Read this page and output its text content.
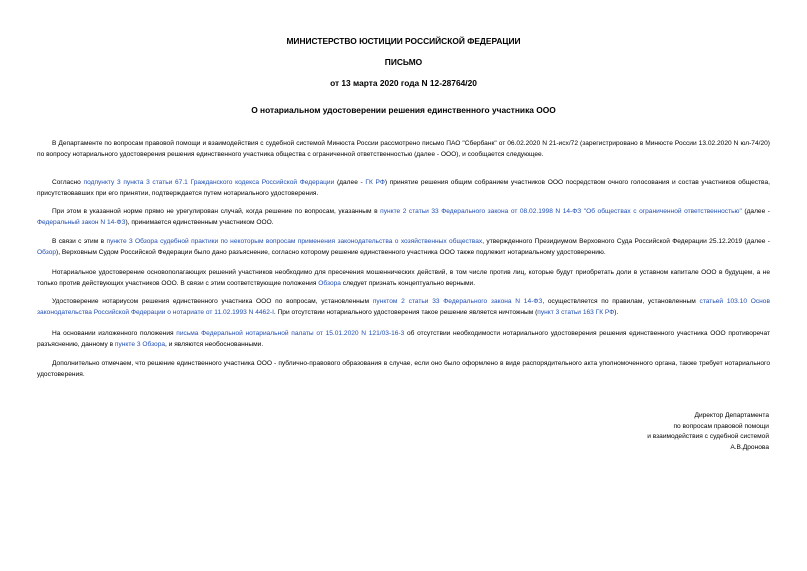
МИНИСТЕРСТВО ЮСТИЦИИ РОССИЙСКОЙ ФЕДЕРАЦИИ
ПИСЬМО
от 13 марта 2020 года N 12-28764/20
О нотариальном удостоверении решения единственного участника ООО

В Департаменте по вопросам правовой помощи и взаимодействия с судебной системой Минюста России рассмотрено письмо ПАО "Сбербанк" от 06.02.2020 N 21-исх/72 (зарегистрировано в Минюсте России 13.02.2020 N юл-74/20) по вопросу нотариального удостоверения решения единственного участника общества с ограниченной ответственностью (далее - ООО), и сообщается следующее.

Согласно подпункту 3 пункта 3 статьи 67.1 Гражданского кодекса Российской Федерации (далее - ГК РФ) принятие решения общим собранием участников ООО посредством очного голосования и состав участников общества, присутствовавших при его принятии, подтверждается путем нотариального удостоверения.

При этом в указанной норме прямо не урегулирован случай, когда решение по вопросам, указанным в пункте 2 статьи 33 Федерального закона от 08.02.1998 N 14-ФЗ "Об обществах с ограниченной ответственностью" (далее - Федеральный закон N 14-ФЗ), принимается единственным участником ООО.

В связи с этим в пункте 3 Обзора судебной практики по некоторым вопросам применения законодательства о хозяйственных обществах, утвержденного Президиумом Верховного Суда Российской Федерации 25.12.2019 (далее - Обзор), Верховным Судом Российской Федерации было дано разъяснение, согласно которому решение единственного участника ООО также подлежит нотариальному удостоверению.

Нотариальное удостоверение основополагающих решений участников необходимо для пресечения мошеннических действий, в том числе против лиц, которые будут приобретать доли в уставном капитале ООО в будущем, а не только против действующих участников ООО. В связи с этим соответствующие положения Обзора следует признать концептуально верными.

Удостоверение нотариусом решения единственного участника ООО по вопросам, установленным пунктом 2 статьи 33 Федерального закона N 14-ФЗ, осуществляется по правилам, установленным статьей 103.10 Основ законодательства Российской Федерации о нотариате от 11.02.1993 N 4462-I. При отсутствии нотариального удостоверения такое решение является ничтожным (пункт 3 статьи 163 ГК РФ).

На основании изложенного положения письма Федеральной нотариальной палаты от 15.01.2020 N 121/03-16-3 об отсутствии необходимости нотариального удостоверения решения единственного участника ООО противоречат разъяснению, данному в пункте 3 Обзора, и являются необоснованными.

Дополнительно отмечаем, что решение единственного участника ООО - публично-правового образования в случае, если оно было оформлено в виде распорядительного акта уполномоченного органа, также требует нотариального удостоверения.

Директор Департамента
по вопросам правовой помощи
и взаимодействия с судебной системой
А.В.Дронова
